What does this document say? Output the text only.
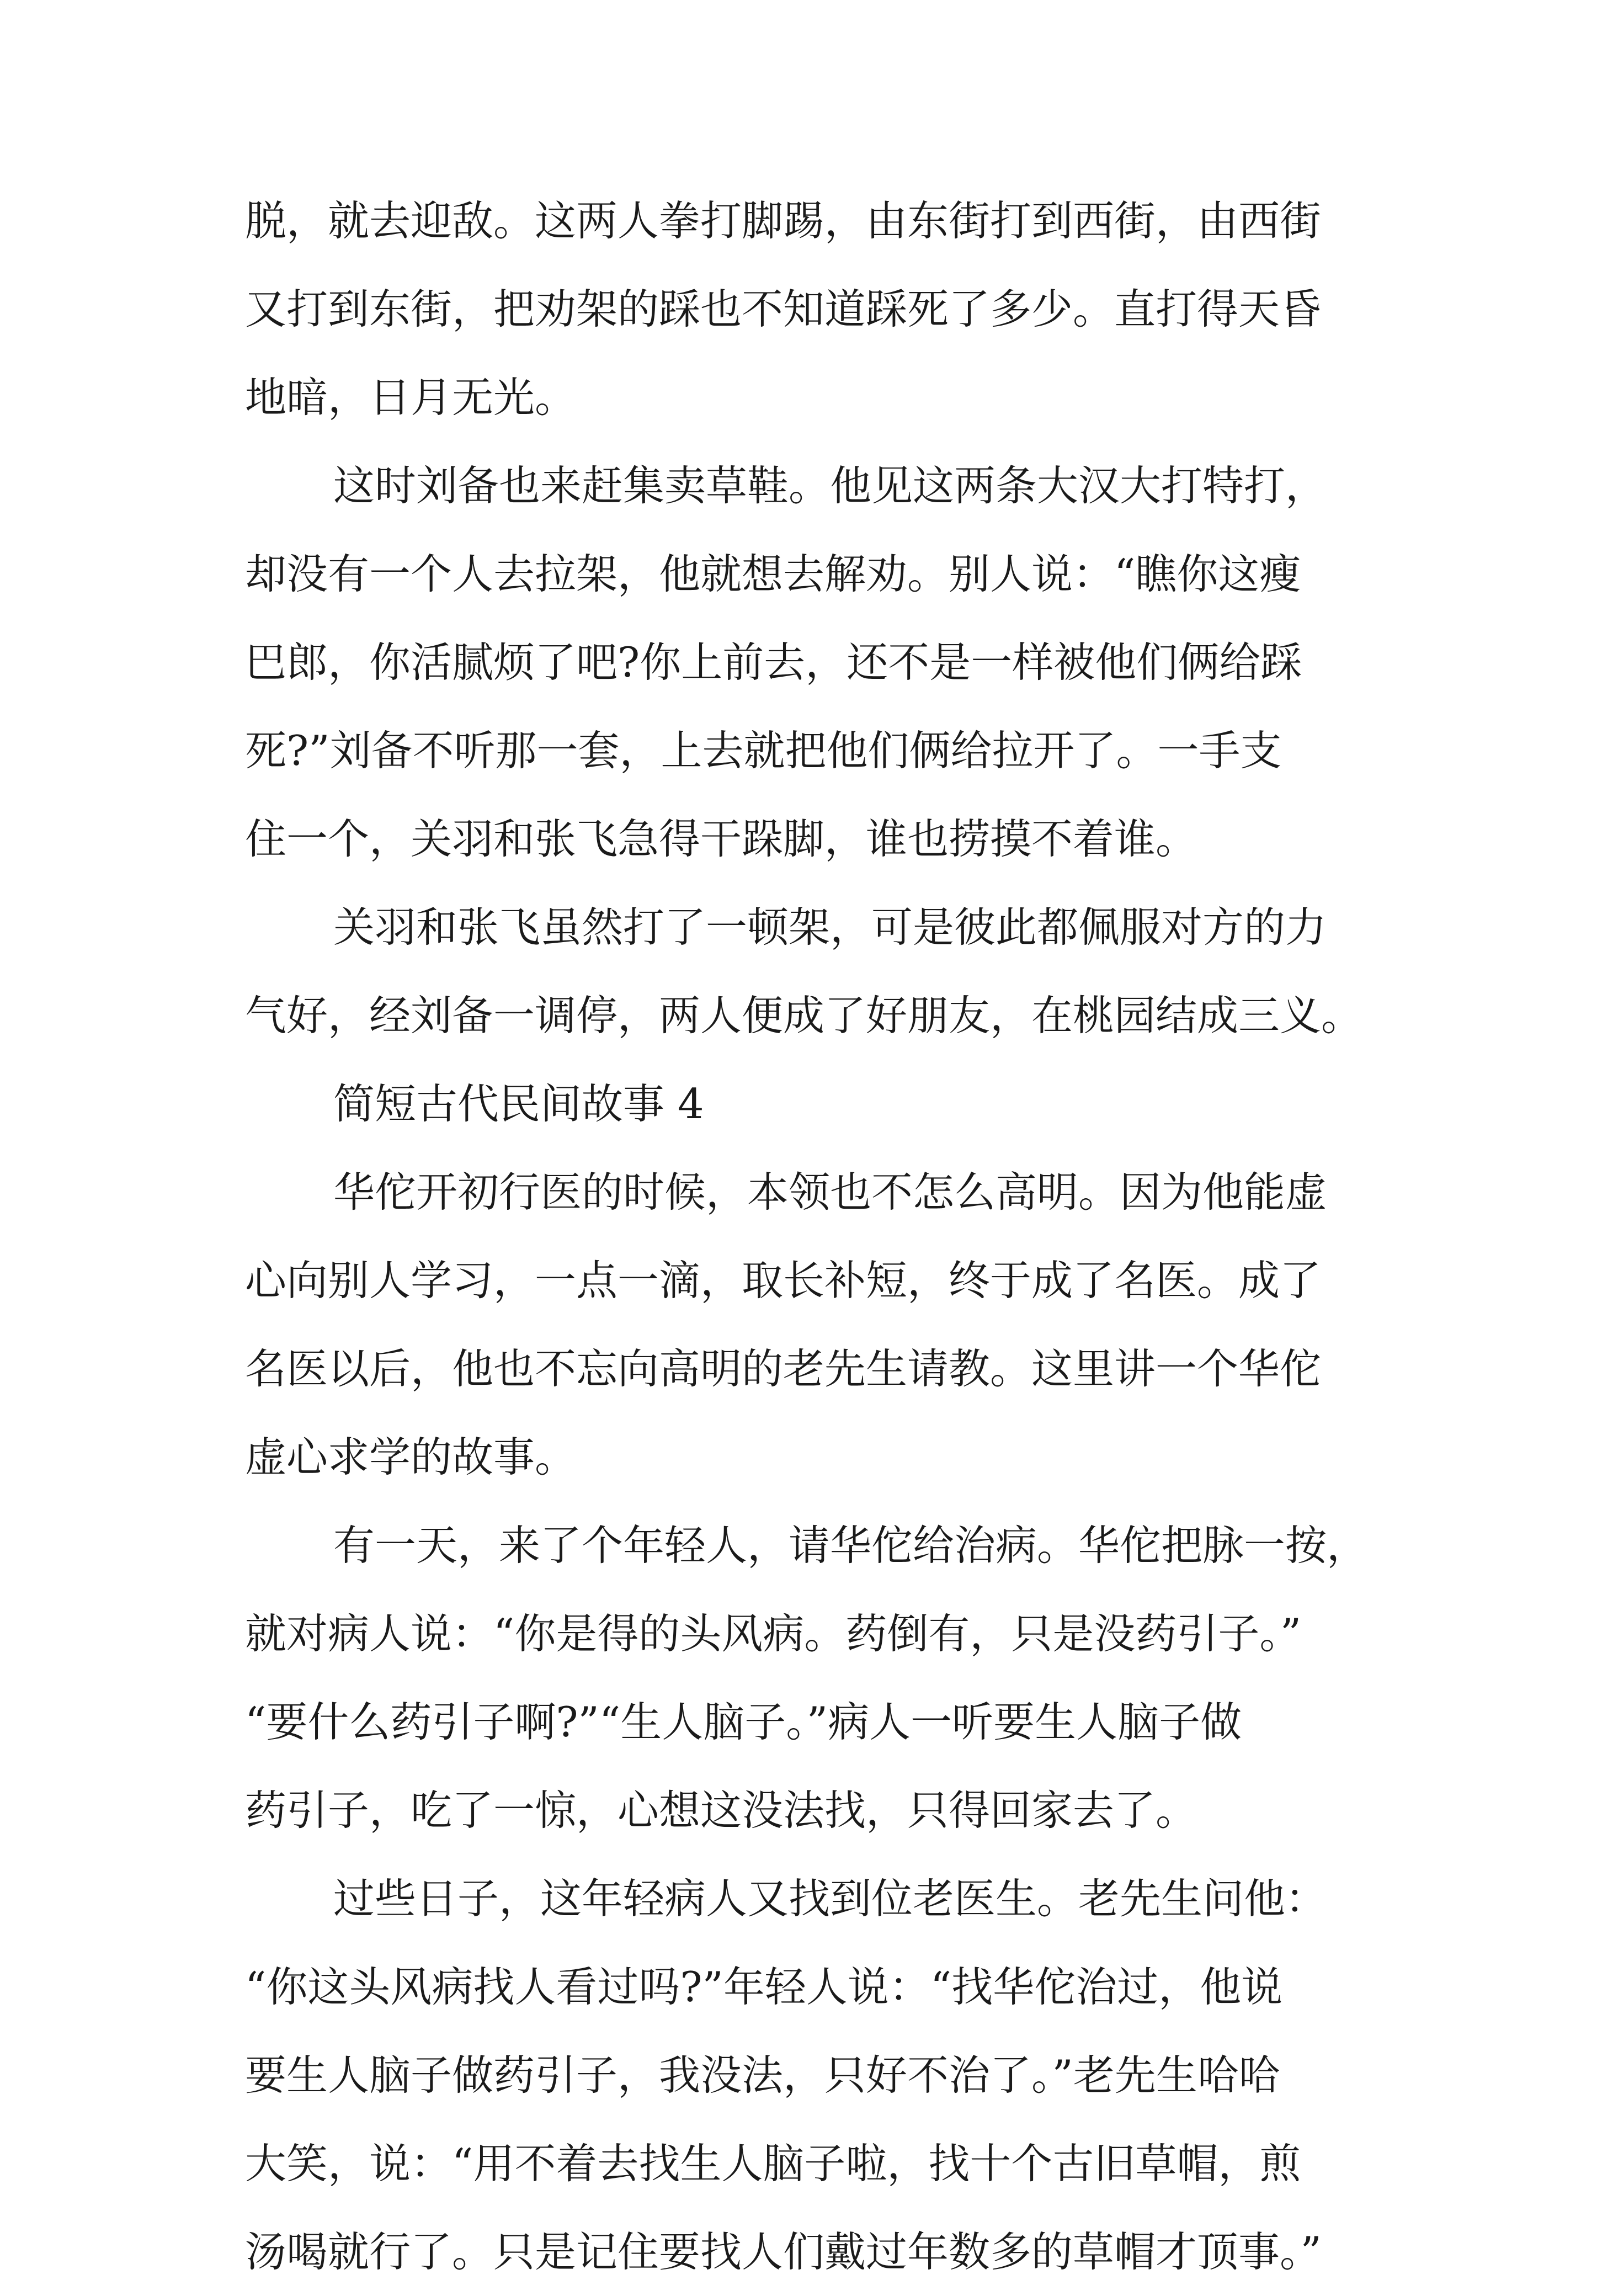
脱，就去迎敌。这两人拳打脚踢，由东街打到西街，由西街
又打到东街，把劝架的踩也不知道踩死了多少。直打得天昏
地暗，日月无光。
这时刘备也来赶集卖草鞋。他见这两条大汉大打特打，
却没有一个人去拉架，他就想去解劝。别人说：“瞧你这瘦
巴郎，你活腻烦了吧?你上前去，还不是一样被他们俩给踩
死?”刘备不听那一套，上去就把他们俩给拉开了。一手支
住一个，关羽和张飞急得干跺脚，谁也捞摸不着谁。
关羽和张飞虽然打了一顿架，可是彼此都佩服对方的力
气好，经刘备一调停，两人便成了好朋友，在桃园结成三义。
简短古代民间故事 4
华佗开初行医的时候，本领也不怎么高明。因为他能虚
心向别人学习，一点一滴，取长补短，终于成了名医。成了
名医以后，他也不忘向高明的老先生请教。这里讲一个华佗
虚心求学的故事。
有一天，来了个年轻人，请华佗给治病。华佗把脉一按，
就对病人说：“你是得的头风病。药倒有，只是没药引子。”
“要什么药引子啊?”“生人脑子。”病人一听要生人脑子做
药引子，吃了一惊，心想这没法找，只得回家去了。
过些日子，这年轻病人又找到位老医生。老先生问他：
“你这头风病找人看过吗?”年轻人说：“找华佗治过，他说
要生人脑子做药引子，我没法，只好不治了。”老先生哈哈
大笑，说：“用不着去找生人脑子啦，找十个古旧草帽，煎
汤喝就行了。只是记住要找人们戴过年数多的草帽才顶事。”
